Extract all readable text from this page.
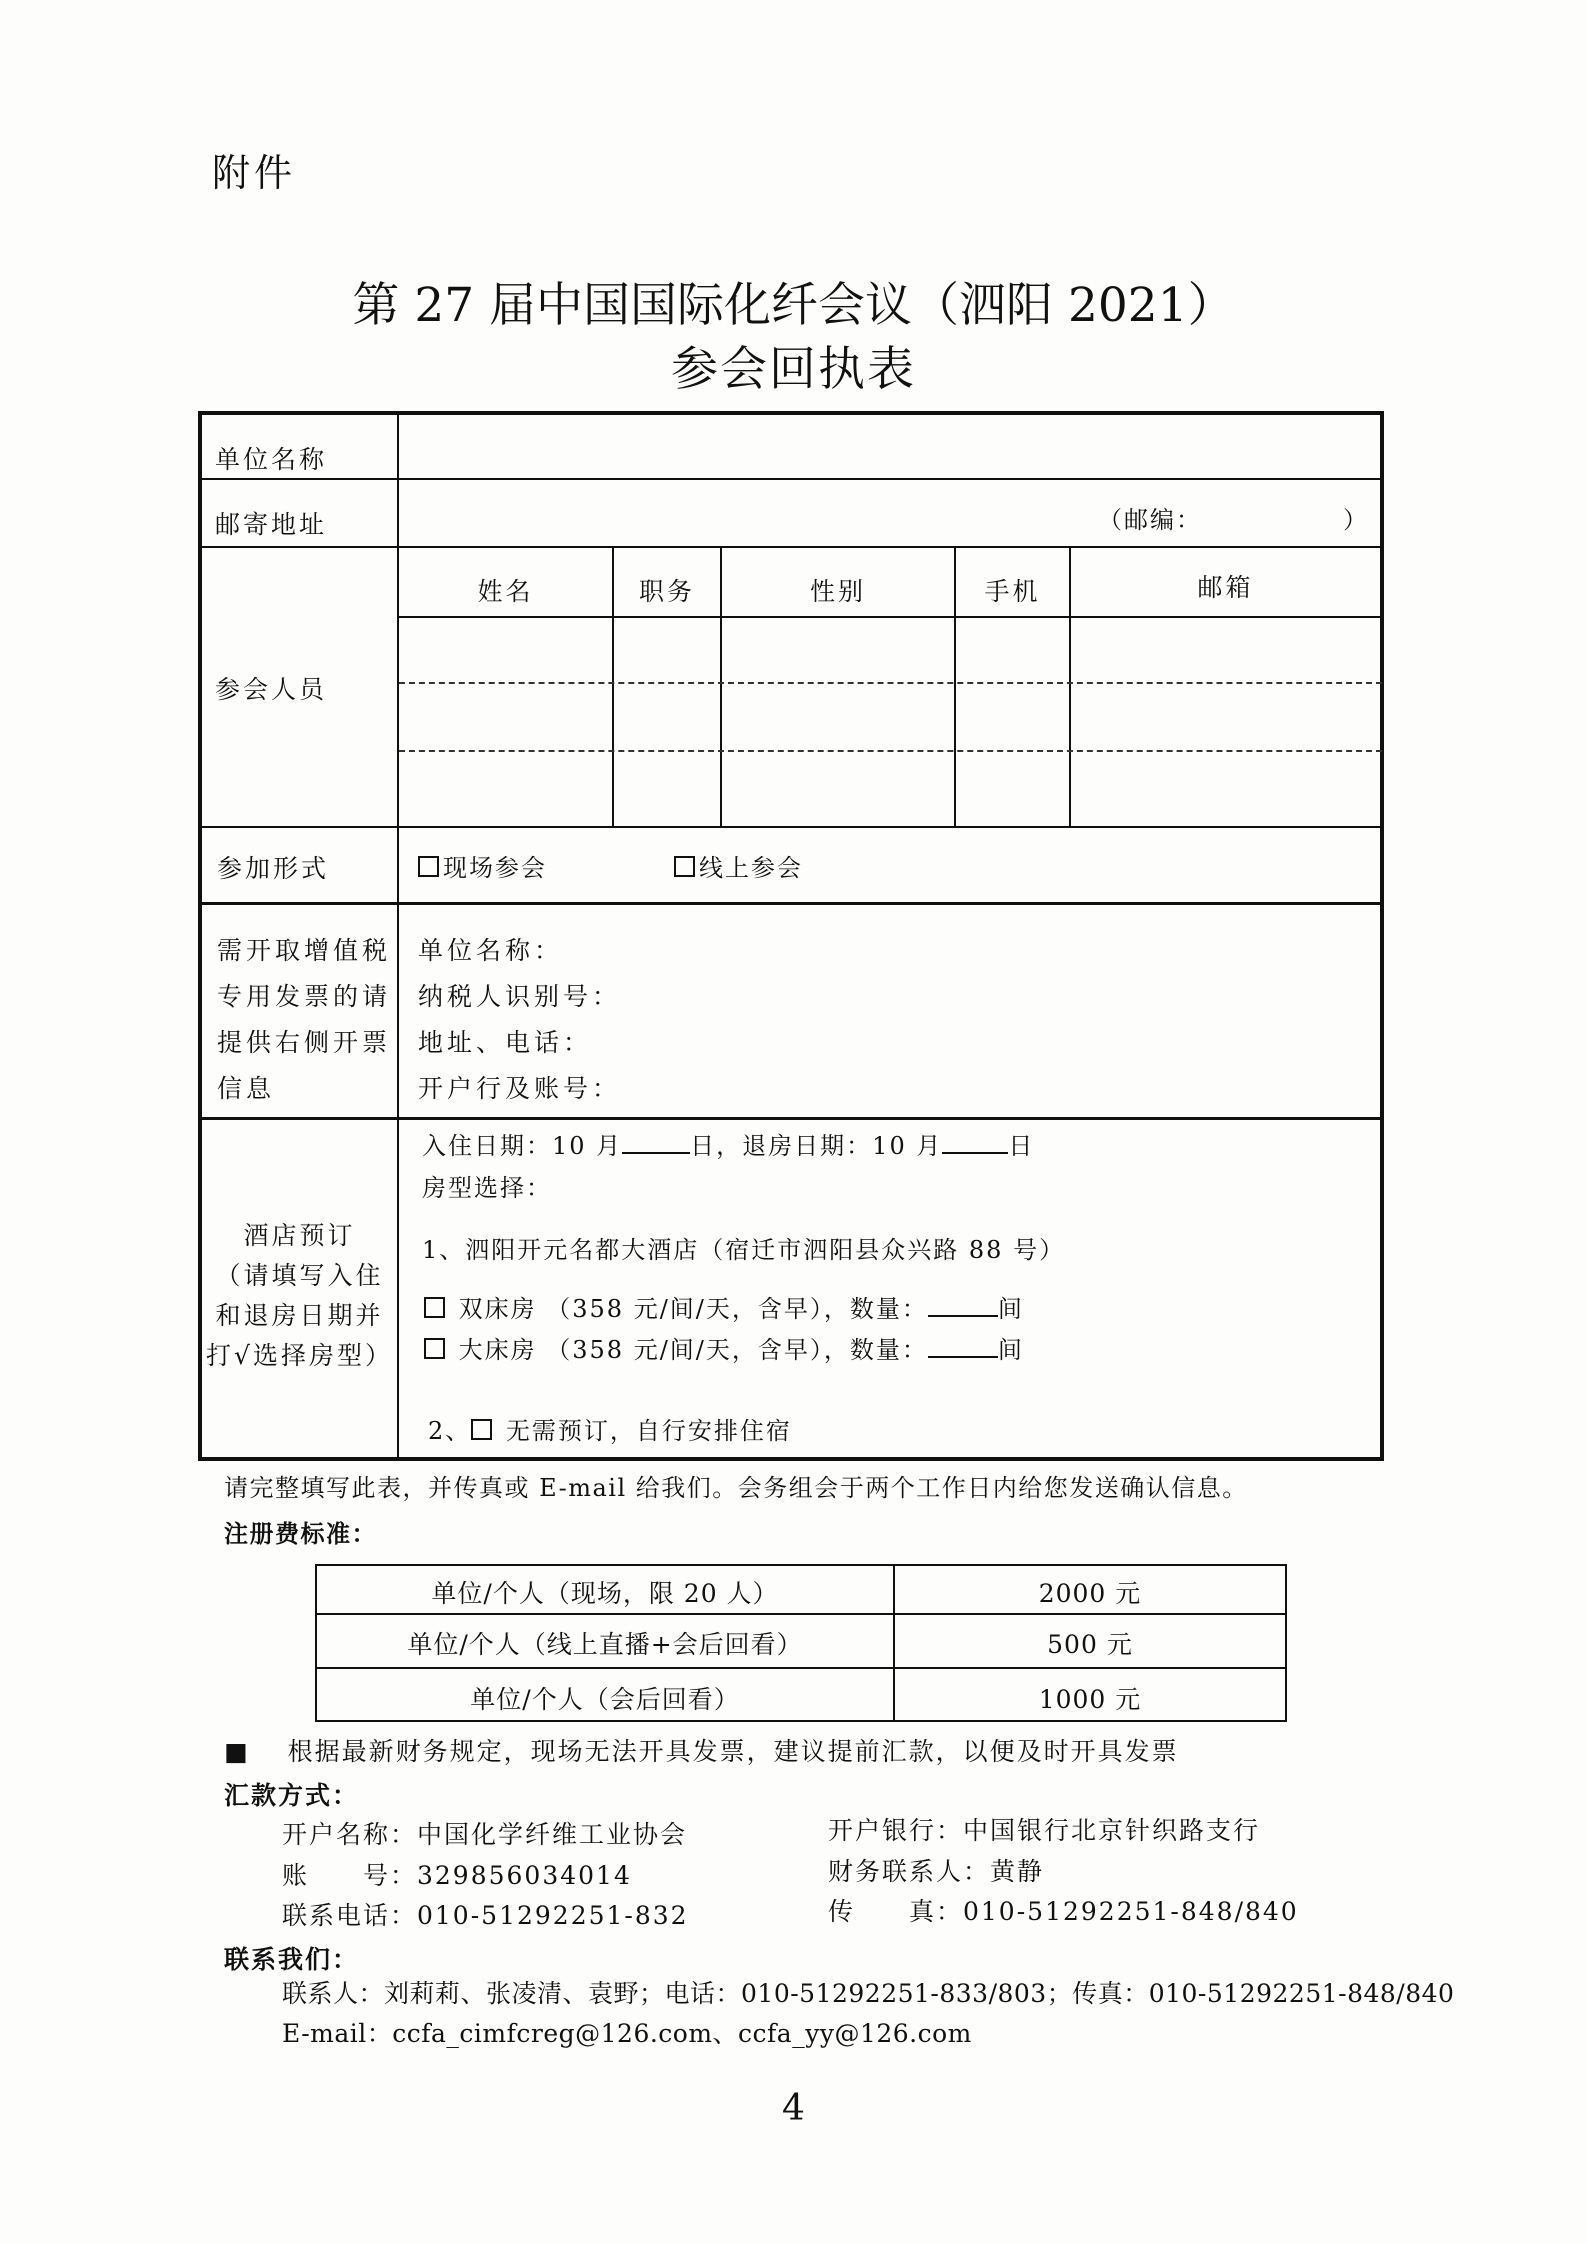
附件
第 27 届中国国际化纤会议（泗阳 2021）
参会回执表
单位名称
邮寄地址	（邮编：	）
参会人员
姓名	职务	性别	手机	邮箱
参加形式	现场参会	线上参会
需开取增值税
专用发票的请
提供右侧开票
信息
单位名称：
纳税人识别号：
地址、电话：
开户行及账号：
酒店预订
（请填写入住
和退房日期并
打√选择房型）
入住日期：10 月	日，退房日期：10 月	日
房型选择：
1、泗阳开元名都大酒店（宿迁市泗阳县众兴路 88 号）
双床房 （358 元/间/天，含早），数量：	间
大床房 （358 元/间/天，含早），数量：	间
2、 无需预订，自行安排住宿
请完整填写此表，并传真或 E-mail 给我们。会务组会于两个工作日内给您发送确认信息。
注册费标准：
单位/个人（现场，限 20 人）	2000 元
单位/个人（线上直播+会后回看）	500 元
单位/个人（会后回看）	1000 元
■ 根据最新财务规定，现场无法开具发票，建议提前汇款，以便及时开具发票
汇款方式：
开户名称：中国化学纤维工业协会	开户银行：中国银行北京针织路支行
账　　号：329856034014	财务联系人：黄静
联系电话：010-51292251-832	传　　真：010-51292251-848/840
联系我们：
联系人：刘莉莉、张凌清、袁野；电话：010-51292251-833/803；传真：010-51292251-848/840
E-mail：ccfa_cimfcreg@126.com、ccfa_yy@126.com
4
